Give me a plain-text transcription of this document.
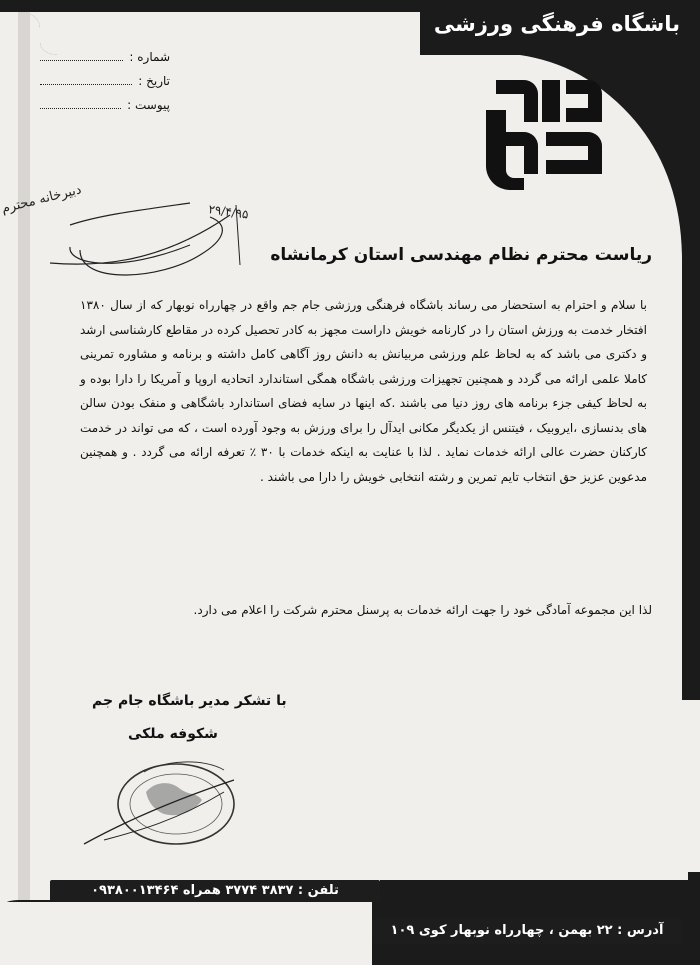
باشگاه فرهنگی ورزشی
شماره :
تاریخ :
پیوست :
دبیرخانه محترم	۲۹/۴/۹۵
ریاست محترم نظام مهندسی استان کرمانشاه

با سلام و احترام به استحضار می رساند باشگاه فرهنگی ورزشی جام جم واقع در چهارراه نوبهار که از سال ۱۳۸۰ افتخار خدمت به ورزش استان را در کارنامه خویش داراست مجهز به کادر تحصیل کرده در مقاطع کارشناسی ارشد و دکتری می باشد که به لحاظ علم ورزشی مربیانش به دانش روز آگاهی کامل داشته و برنامه و مشاوره تمرینی کاملا علمی ارائه می گردد و همچنین تجهیزات ورزشی باشگاه همگی استاندارد اتحادیه اروپا و آمریکا را دارا بوده و به لحاظ کیفی جزء برنامه های روز دنیا می باشند .که اینها در سایه فضای استاندارد باشگاهی و منفک بودن سالن های بدنسازی ،ایروبیک ، فیتنس از یکدیگر مکانی ایدآل را برای ورزش به وجود آورده است ، که می تواند در خدمت کارکنان حضرت عالی ارائه خدمات نماید . لذا با عنایت به اینکه خدمات با ۳۰ ٪ تعرفه ارائه می گردد . و همچنین مدعوین عزیز حق انتخاب تایم تمرین و رشته انتخابی خویش را دارا می باشند .

لذا این مجموعه آمادگی خود را جهت ارائه خدمات به پرسنل محترم شرکت را اعلام می دارد.
با تشکر مدیر باشگاه جام جم
شکوفه ملکی
تلفن : ۳۸۳۷ ۳۷۷۴ همراه ۰۹۳۸۰۰۱۳۴۶۴
آدرس : ۲۲ بهمن ، چهارراه نوبهار کوی ۱۰۹
